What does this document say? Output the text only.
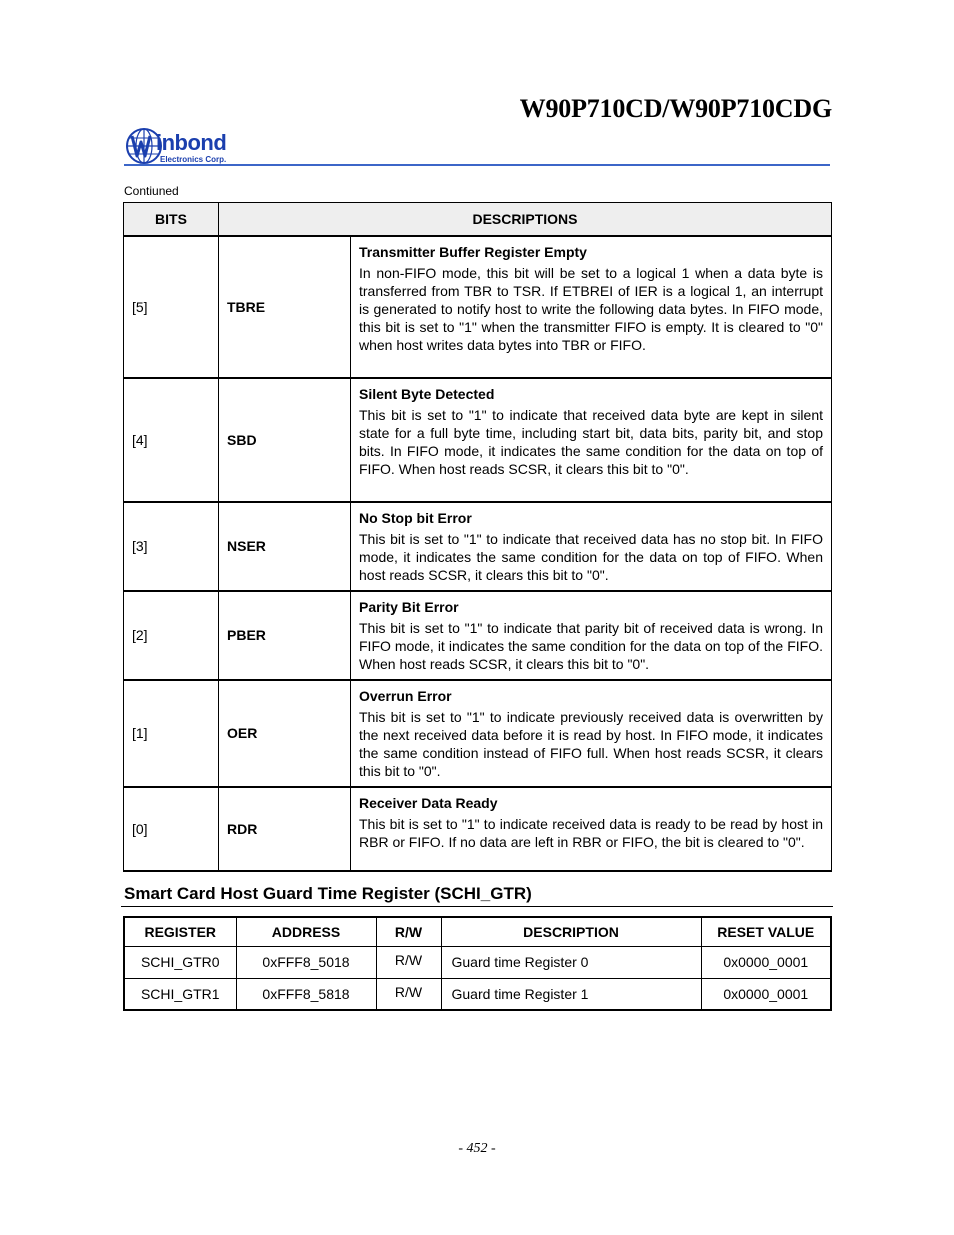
W90P710CD/W90P710CDG
inbond
Electronics Corp.
Contiuned
BITS	DESCRIPTIONS	
[5]	TBRE	Transmitter Buffer Register Empty
In non-FIFO mode, this bit will be set to a logical 1 when a data byte is transferred from TBR to TSR. If ETBREI of IER is a logical 1, an interrupt is generated to notify host to write the following data bytes. In FIFO mode, this bit is set to "1" when the transmitter FIFO is empty. It is cleared to "0" when host writes data bytes into TBR or FIFO.

[4]	SBD	Silent Byte Detected
This bit is set to "1" to indicate that received data byte are kept in silent state for a full byte time, including start bit, data bits, parity bit, and stop bits. In FIFO mode, it indicates the same condition for the data on top of FIFO. When host reads SCSR, it clears this bit to "0".

[3]	NSER	No Stop bit Error
This bit is set to "1" to indicate that received data has no stop bit. In FIFO mode, it indicates the same condition for the data on top of FIFO. When host reads SCSR, it clears this bit to "0".

[2]	PBER	Parity Bit Error
This bit is set to "1" to indicate that parity bit of received data is wrong. In FIFO mode, it indicates the same condition for the data on top of the FIFO. When host reads SCSR, it clears this bit to "0".

[1]	OER	Overrun Error
This bit is set to "1" to indicate previously received data is overwritten by the next received data before it is read by host. In FIFO mode, it indicates the same condition instead of FIFO full. When host reads SCSR, it clears this bit to "0".

[0]	RDR	Receiver Data Ready
This bit is set to "1" to indicate received data is ready to be read by host in RBR or FIFO. If no data are left in RBR or FIFO, the bit is cleared to "0".
Smart Card Host Guard Time Register (SCHI_GTR)
REGISTER	ADDRESS	R/W	DESCRIPTION	RESET VALUE
SCHI_GTR0	0xFFF8_5018	R/W	Guard time Register 0	0x0000_0001
SCHI_GTR1	0xFFF8_5818	R/W	Guard time Register 1	0x0000_0001
- 452 -
